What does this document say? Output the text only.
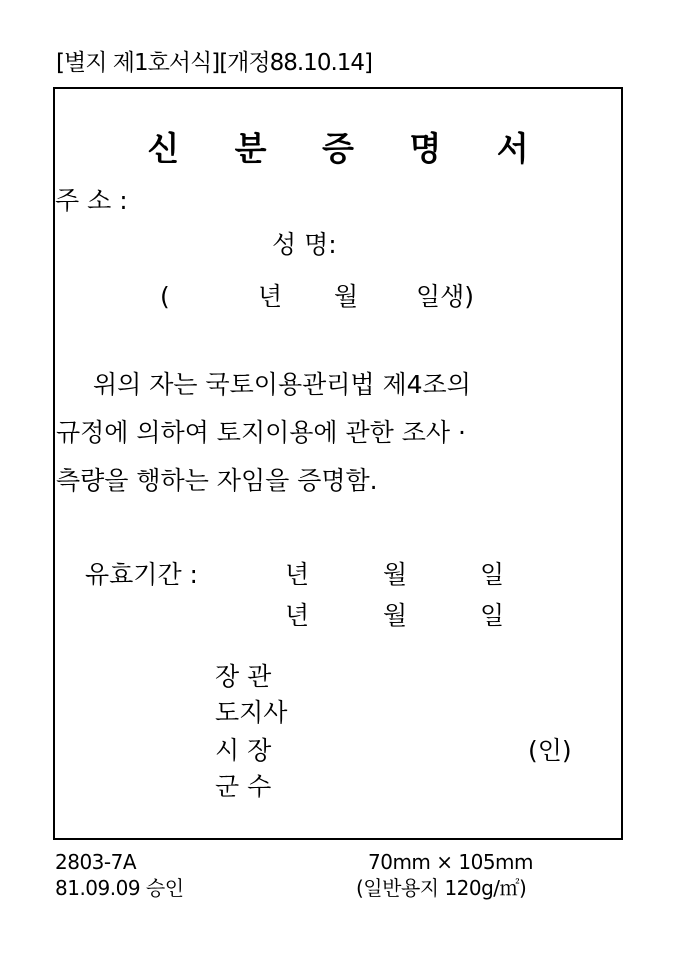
[별지 제1호서식][개정88.10.14]
신 분 증 명 서
주 소 :
성 명:
(	년 월 일생)
위의 자는 국토이용관리법 제4조의
규정에 의하여 토지이용에 관한 조사 ·
측량을 행하는 자임을 증명함.
유효기간 :	년	월	일
년	월	일
장 관
도지사
시 장
군 수
(인)
2803-7A
81.09.09 승인
70mm × 105mm
(일반용지 120g/㎡)
